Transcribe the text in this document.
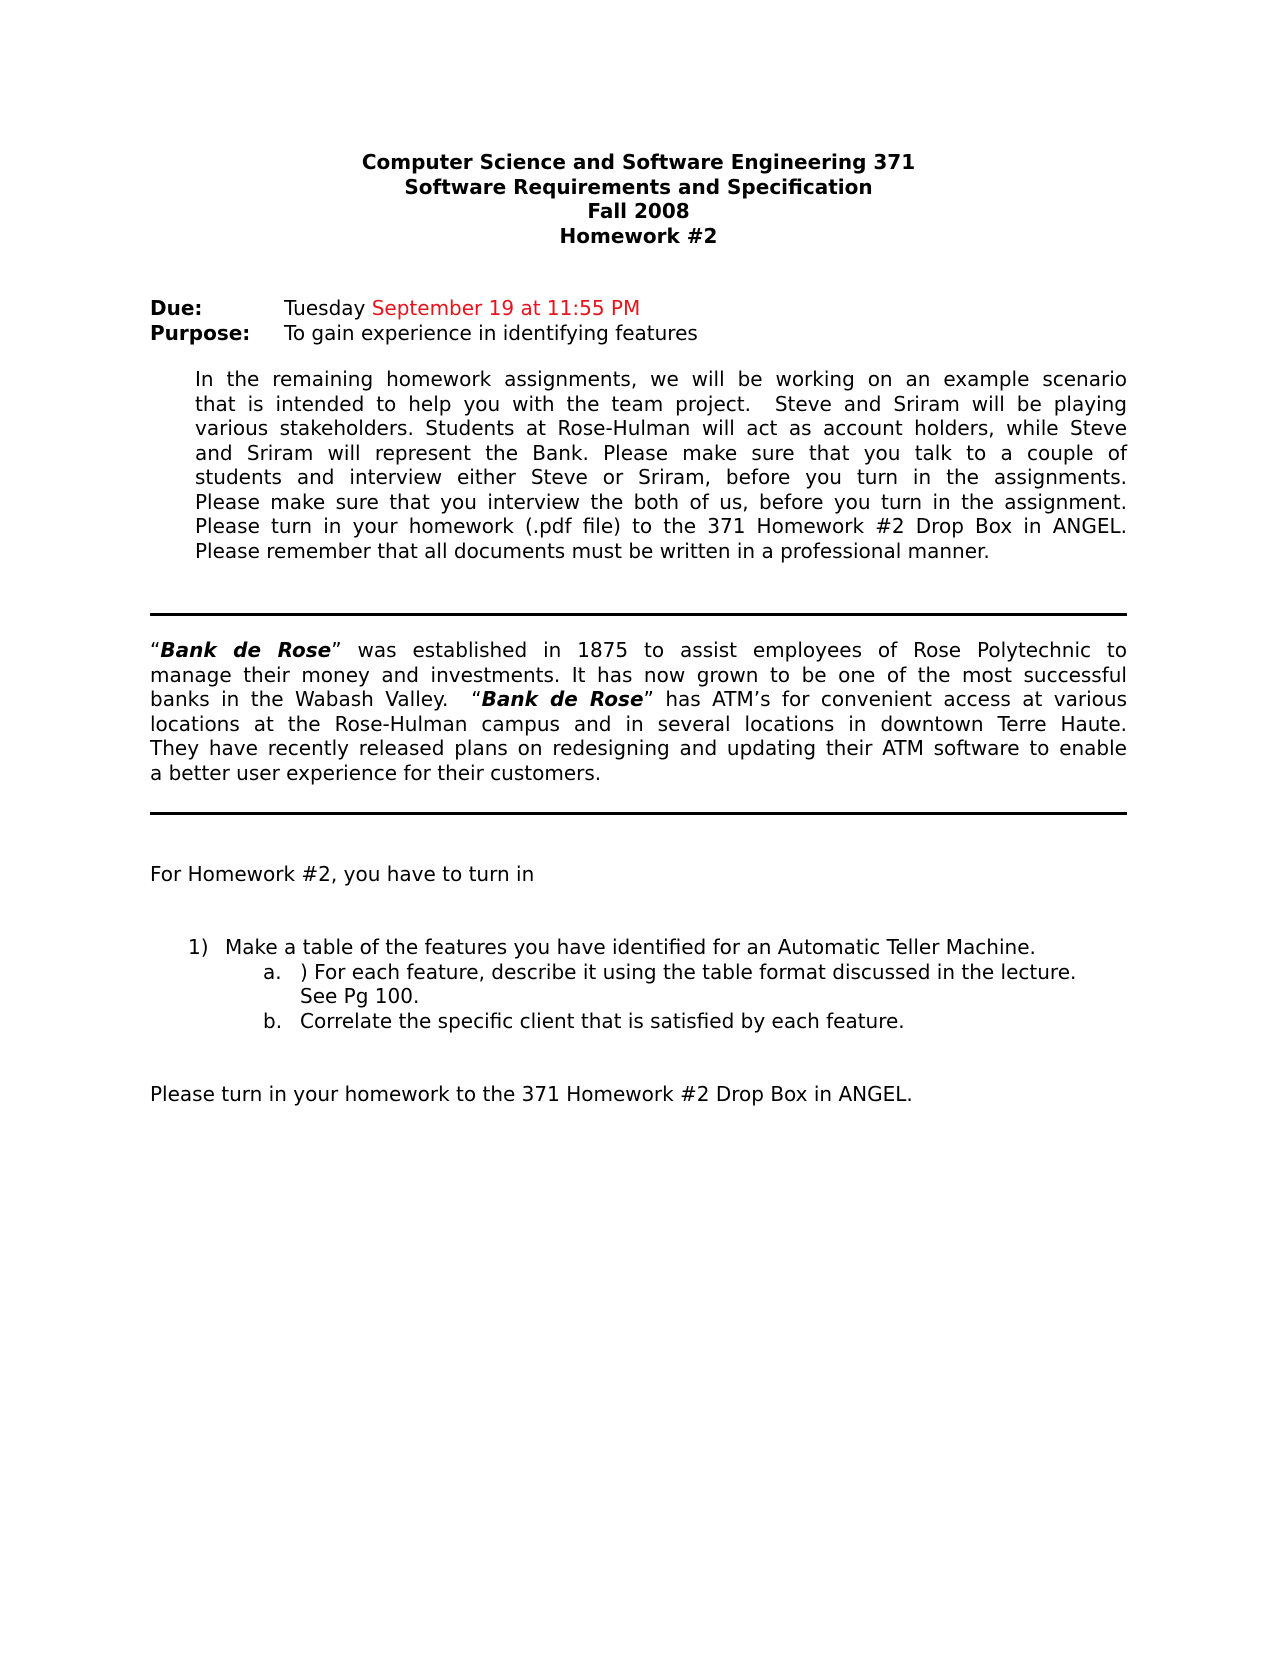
Computer Science and Software Engineering 371
Software Requirements and Specification
Fall 2008
Homework #2
Due:	Tuesday September 19 at 11:55 PM
Purpose: To gain experience in identifying features
In the remaining homework assignments, we will be working on an example scenario
that is intended to help you with the team project.  Steve and Sriram will be playing
various stakeholders. Students at Rose-Hulman will act as account holders, while Steve
and Sriram will represent the Bank. Please make sure that you talk to a couple of
students and interview either Steve or Sriram, before you turn in the assignments.
Please make sure that you interview the both of us, before you turn in the assignment.
Please turn in your homework (.pdf file) to the 371 Homework #2 Drop Box in ANGEL.
Please remember that all documents must be written in a professional manner.
“Bank de Rose” was established in 1875 to assist employees of Rose Polytechnic to
manage their money and investments. It has now grown to be one of the most successful
banks in the Wabash Valley.  “Bank de Rose” has ATM’s for convenient access at various
locations at the Rose-Hulman campus and in several locations in downtown Terre Haute.
They have recently released plans on redesigning and updating their ATM software to enable
a better user experience for their customers.
For Homework #2, you have to turn in
1) Make a table of the features you have identified for an Automatic Teller Machine.
a. ) For each feature, describe it using the table format discussed in the lecture.
See Pg 100.
b. Correlate the specific client that is satisfied by each feature.
Please turn in your homework to the 371 Homework #2 Drop Box in ANGEL.
